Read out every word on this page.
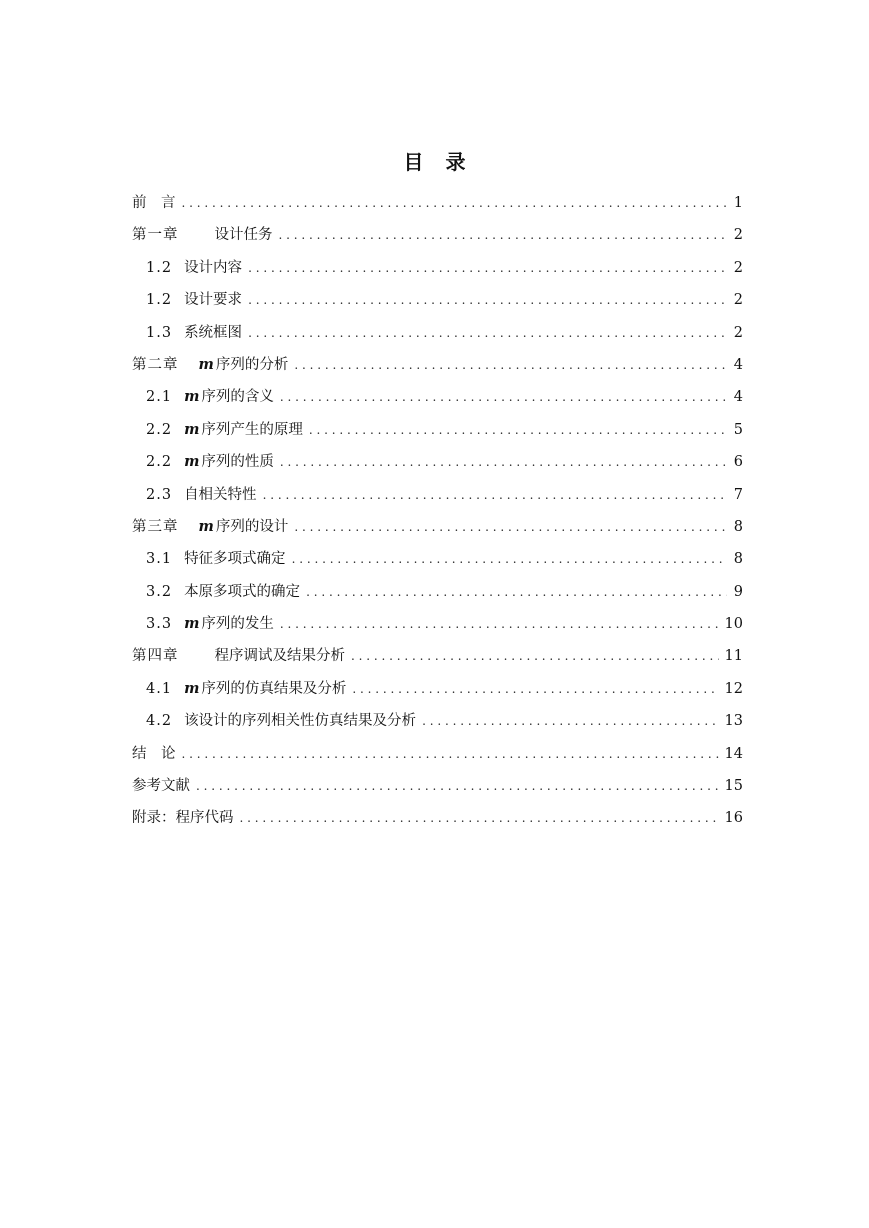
目 录
前　言 . . .	1
第一章 设计任务 . . .	2
1.2 设计内容 . . .	2
1.2 设计要求 . . .	2
1.3 系统框图 . . .	2
第二章 m 序列的分析 . . .	4
2.1 m 序列的含义 . . .	4
2.2 m 序列产生的原理 . . .	5
2.2 m 序列的性质 . . .	6
2.3 自相关特性 . . .	7
第三章 m 序列的设计 . . .	8
3.1 特征多项式确定 . . .	8
3.2 本原多项式的确定 . . .	9
3.3 m 序列的发生 . . .	10
第四章 程序调试及结果分析 . . .	11
4.1 m 序列的仿真结果及分析 . . .	12
4.2 该设计的序列相关性仿真结果及分析 . . .	13
结　论 . . .	14
参考文献 . . .	15
附录：程序代码 . . .	16
